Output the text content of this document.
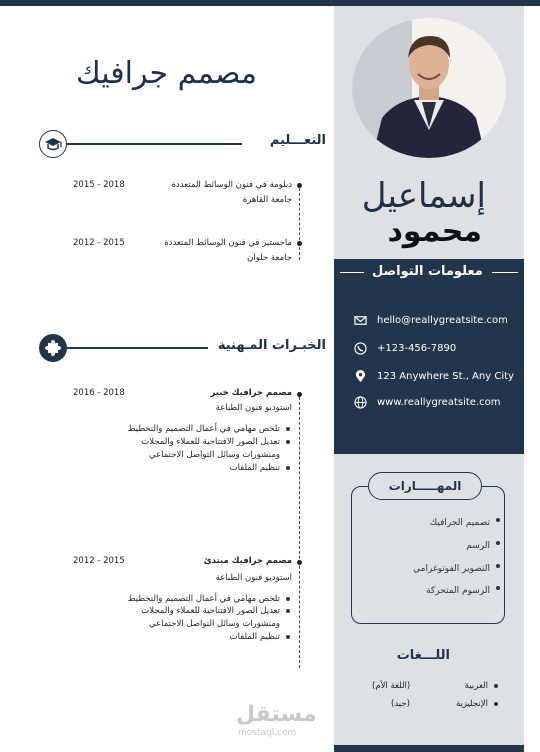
إسماعيل
محمود
مصمم جرافيك
معلومات التواصل
hello@reallygreatsite.com
+123-456-7890
123 Anywhere St., Any City
www.reallygreatsite.com
المهـــــارات
تصميم الجرافيك
الرسم
التصوير الفوتوغرامي
الرسوم المتحركة
اللـــغات
العربية
(اللغة الأم)
الإنجليزية
(جيد)
التعـــليم
دبلومة في فنون الوسائط المتعددة
جامعة القاهرة
2015 - 2018
ماجستير في فنون الوسائط المتعددة
جامعة حلوان
2012 - 2015
الخبـرات المـهنية
مصمم جرافيك خبير
استوديو فنون الطباعة
2016 - 2018
تلخص مهامي في أعمال التصميم والتخطيط
تعديل الصور الافتتاحية للعملاء والمجلات
ومنشورات وسائل التواصل الاجتماعي
تنظيم الملفات
مصمم جرافيك مبتدئ
استوديو فنون الطباعة
2012 - 2015
تلخص مهامي في أعمال التصميم والتخطيط
تعديل الصور الافتتاحية للعملاء والمجلات
ومنشورات وسائل التواصل الاجتماعي
تنظيم الملفات
مستقل
mostaql.com
